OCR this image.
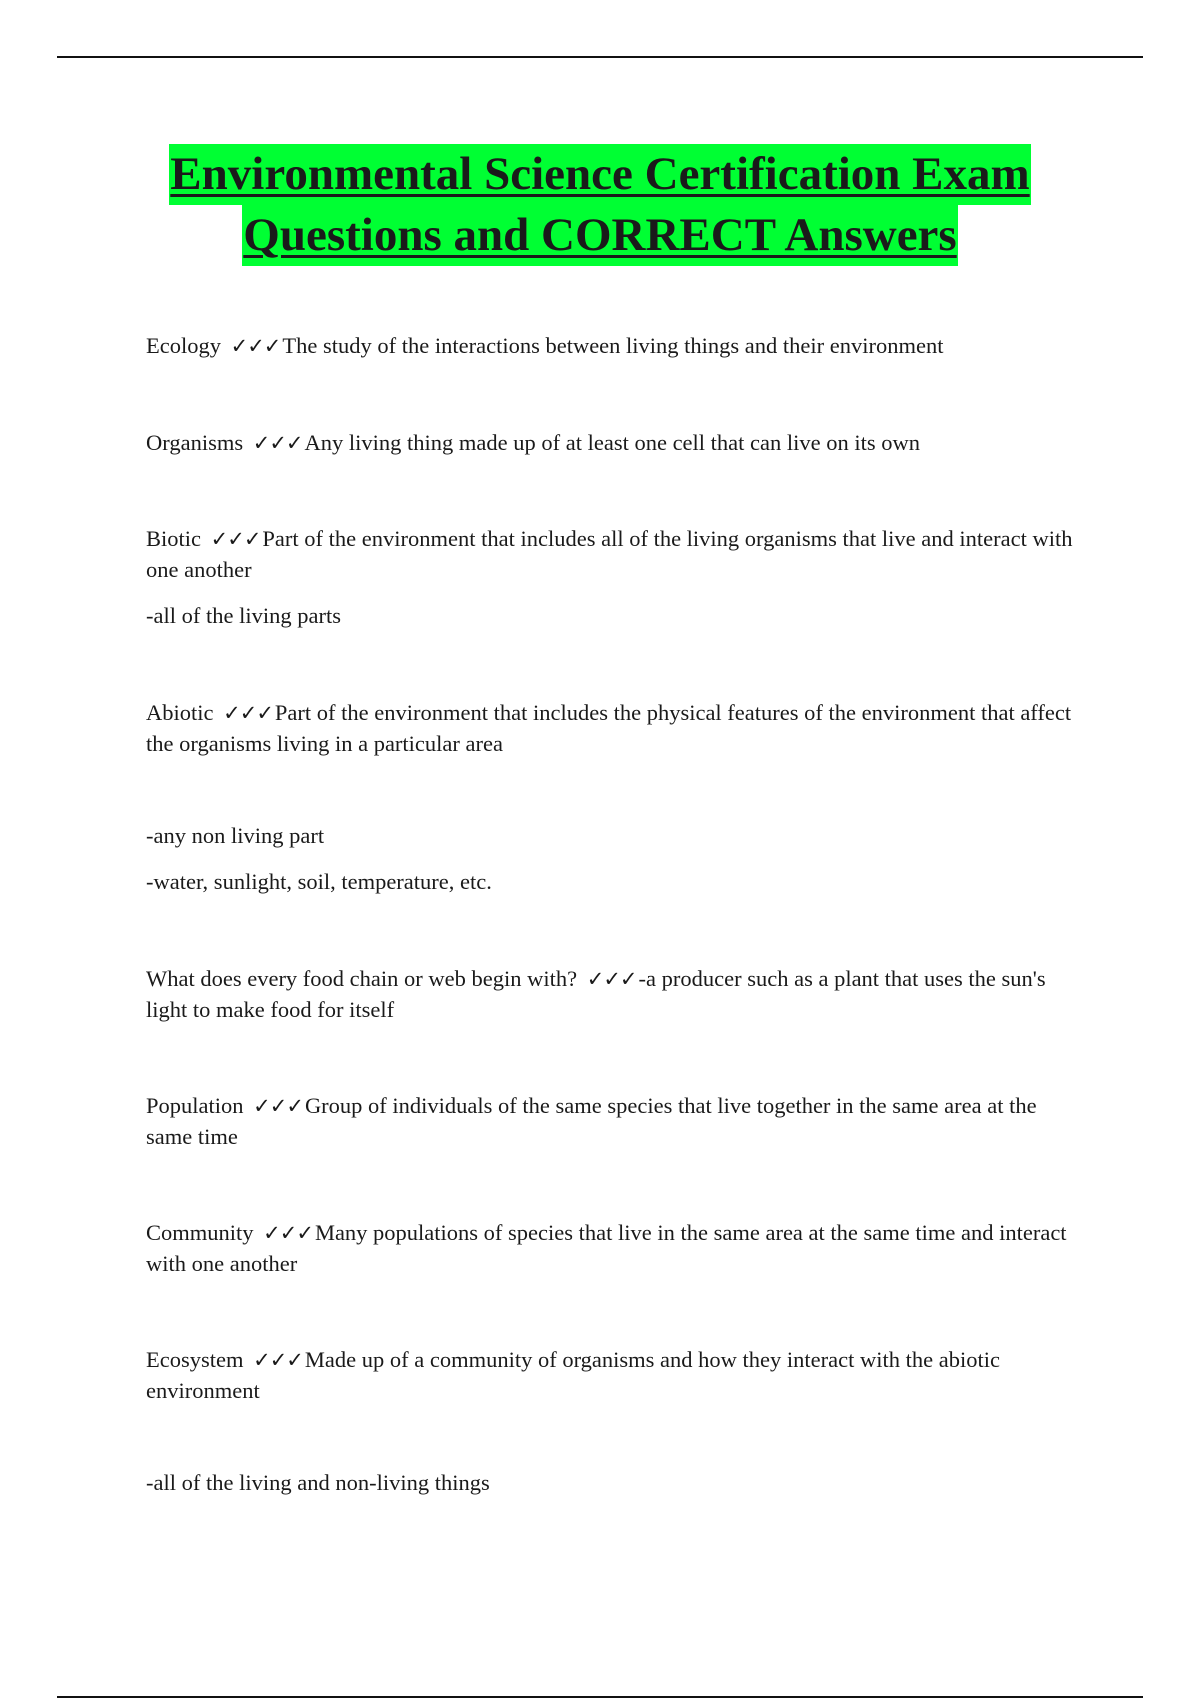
Environmental Science Certification Exam
Questions and CORRECT Answers

Ecology ✓✓✓The study of the interactions between living things and their environment

Organisms ✓✓✓Any living thing made up of at least one cell that can live on its own

Biotic ✓✓✓Part of the environment that includes all of the living organisms that live and interact with one another

-all of the living parts

Abiotic ✓✓✓Part of the environment that includes the physical features of the environment that affect the organisms living in a particular area

-any non living part

-water, sunlight, soil, temperature, etc.

What does every food chain or web begin with? ✓✓✓-a producer such as a plant that uses the sun's light to make food for itself

Population ✓✓✓Group of individuals of the same species that live together in the same area at the same time

Community ✓✓✓Many populations of species that live in the same area at the same time and interact with one another

Ecosystem ✓✓✓Made up of a community of organisms and how they interact with the abiotic environment

-all of the living and non-living things
